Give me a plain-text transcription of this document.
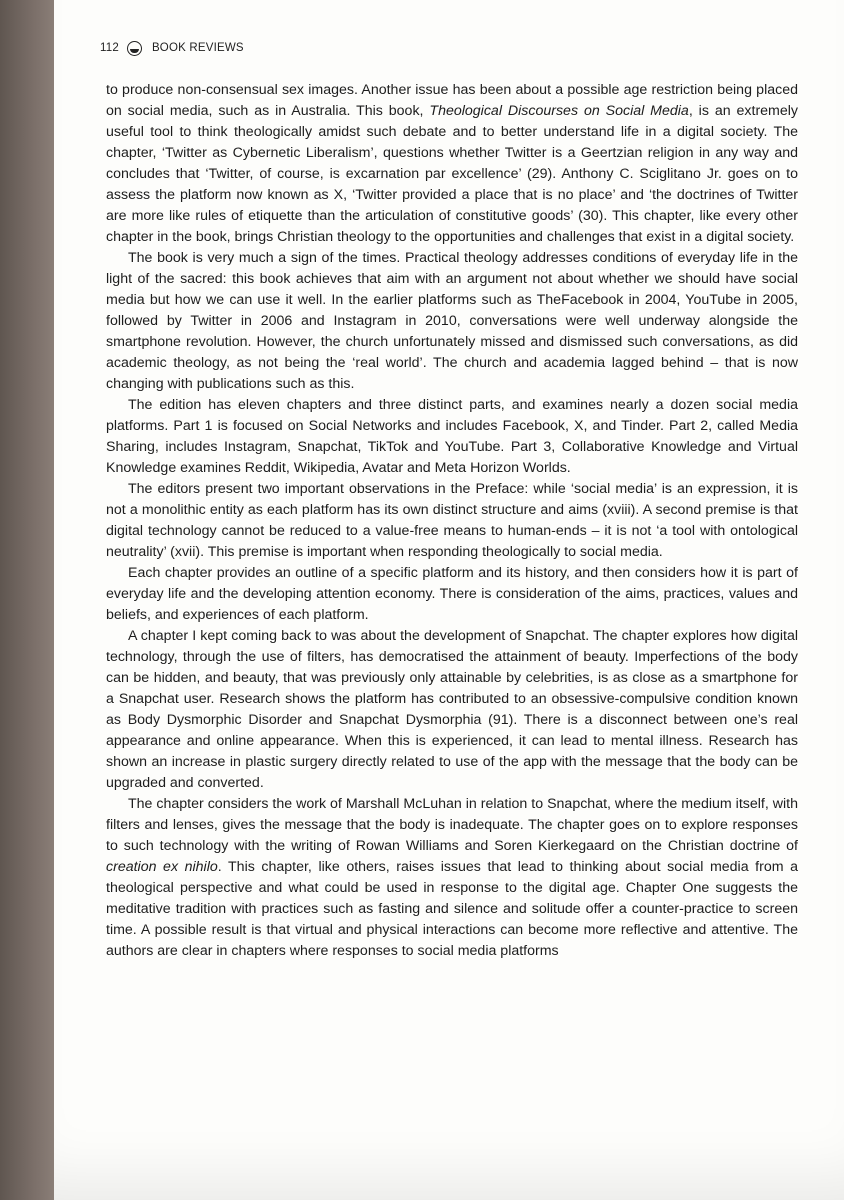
112	BOOK REVIEWS

to produce non-consensual sex images. Another issue has been about a possible age restriction being placed on social media, such as in Australia. This book, Theological Discourses on Social Media, is an extremely useful tool to think theologically amidst such debate and to better understand life in a digital society. The chapter, ‘Twitter as Cybernetic Liberalism’, questions whether Twitter is a Geertzian religion in any way and concludes that ‘Twitter, of course, is excarnation par excellence’ (29). Anthony C. Sciglitano Jr. goes on to assess the platform now known as X, ‘Twitter provided a place that is no place’ and ‘the doctrines of Twitter are more like rules of etiquette than the articulation of constitutive goods’ (30). This chapter, like every other chapter in the book, brings Christian theology to the opportunities and challenges that exist in a digital society.

The book is very much a sign of the times. Practical theology addresses conditions of everyday life in the light of the sacred: this book achieves that aim with an argument not about whether we should have social media but how we can use it well. In the earlier platforms such as TheFacebook in 2004, YouTube in 2005, followed by Twitter in 2006 and Instagram in 2010, conversations were well underway alongside the smartphone revolution. However, the church unfortunately missed and dismissed such conversations, as did academic theology, as not being the ‘real world’. The church and academia lagged behind – that is now changing with publications such as this.

The edition has eleven chapters and three distinct parts, and examines nearly a dozen social media platforms. Part 1 is focused on Social Networks and includes Facebook, X, and Tinder. Part 2, called Media Sharing, includes Instagram, Snapchat, TikTok and YouTube. Part 3, Collaborative Knowledge and Virtual Knowledge examines Reddit, Wikipedia, Avatar and Meta Horizon Worlds.

The editors present two important observations in the Preface: while ‘social media’ is an expression, it is not a monolithic entity as each platform has its own distinct structure and aims (xviii). A second premise is that digital technology cannot be reduced to a value-free means to human-ends – it is not ‘a tool with ontological neutrality’ (xvii). This premise is important when responding theologically to social media.

Each chapter provides an outline of a specific platform and its history, and then considers how it is part of everyday life and the developing attention economy. There is consideration of the aims, practices, values and beliefs, and experiences of each platform.

A chapter I kept coming back to was about the development of Snapchat. The chapter explores how digital technology, through the use of filters, has democratised the attainment of beauty. Imperfections of the body can be hidden, and beauty, that was previously only attainable by celebrities, is as close as a smartphone for a Snapchat user. Research shows the platform has contributed to an obsessive-compulsive condition known as Body Dysmorphic Disorder and Snapchat Dysmorphia (91). There is a disconnect between one’s real appearance and online appearance. When this is experienced, it can lead to mental illness. Research has shown an increase in plastic surgery directly related to use of the app with the message that the body can be upgraded and converted.

The chapter considers the work of Marshall McLuhan in relation to Snapchat, where the medium itself, with filters and lenses, gives the message that the body is inadequate. The chapter goes on to explore responses to such technology with the writing of Rowan Williams and Soren Kierkegaard on the Christian doctrine of creation ex nihilo. This chapter, like others, raises issues that lead to thinking about social media from a theological perspective and what could be used in response to the digital age. Chapter One suggests the meditative tradition with practices such as fasting and silence and solitude offer a counter-practice to screen time. A possible result is that virtual and physical interactions can become more reflective and attentive. The authors are clear in chapters where responses to social media platforms
